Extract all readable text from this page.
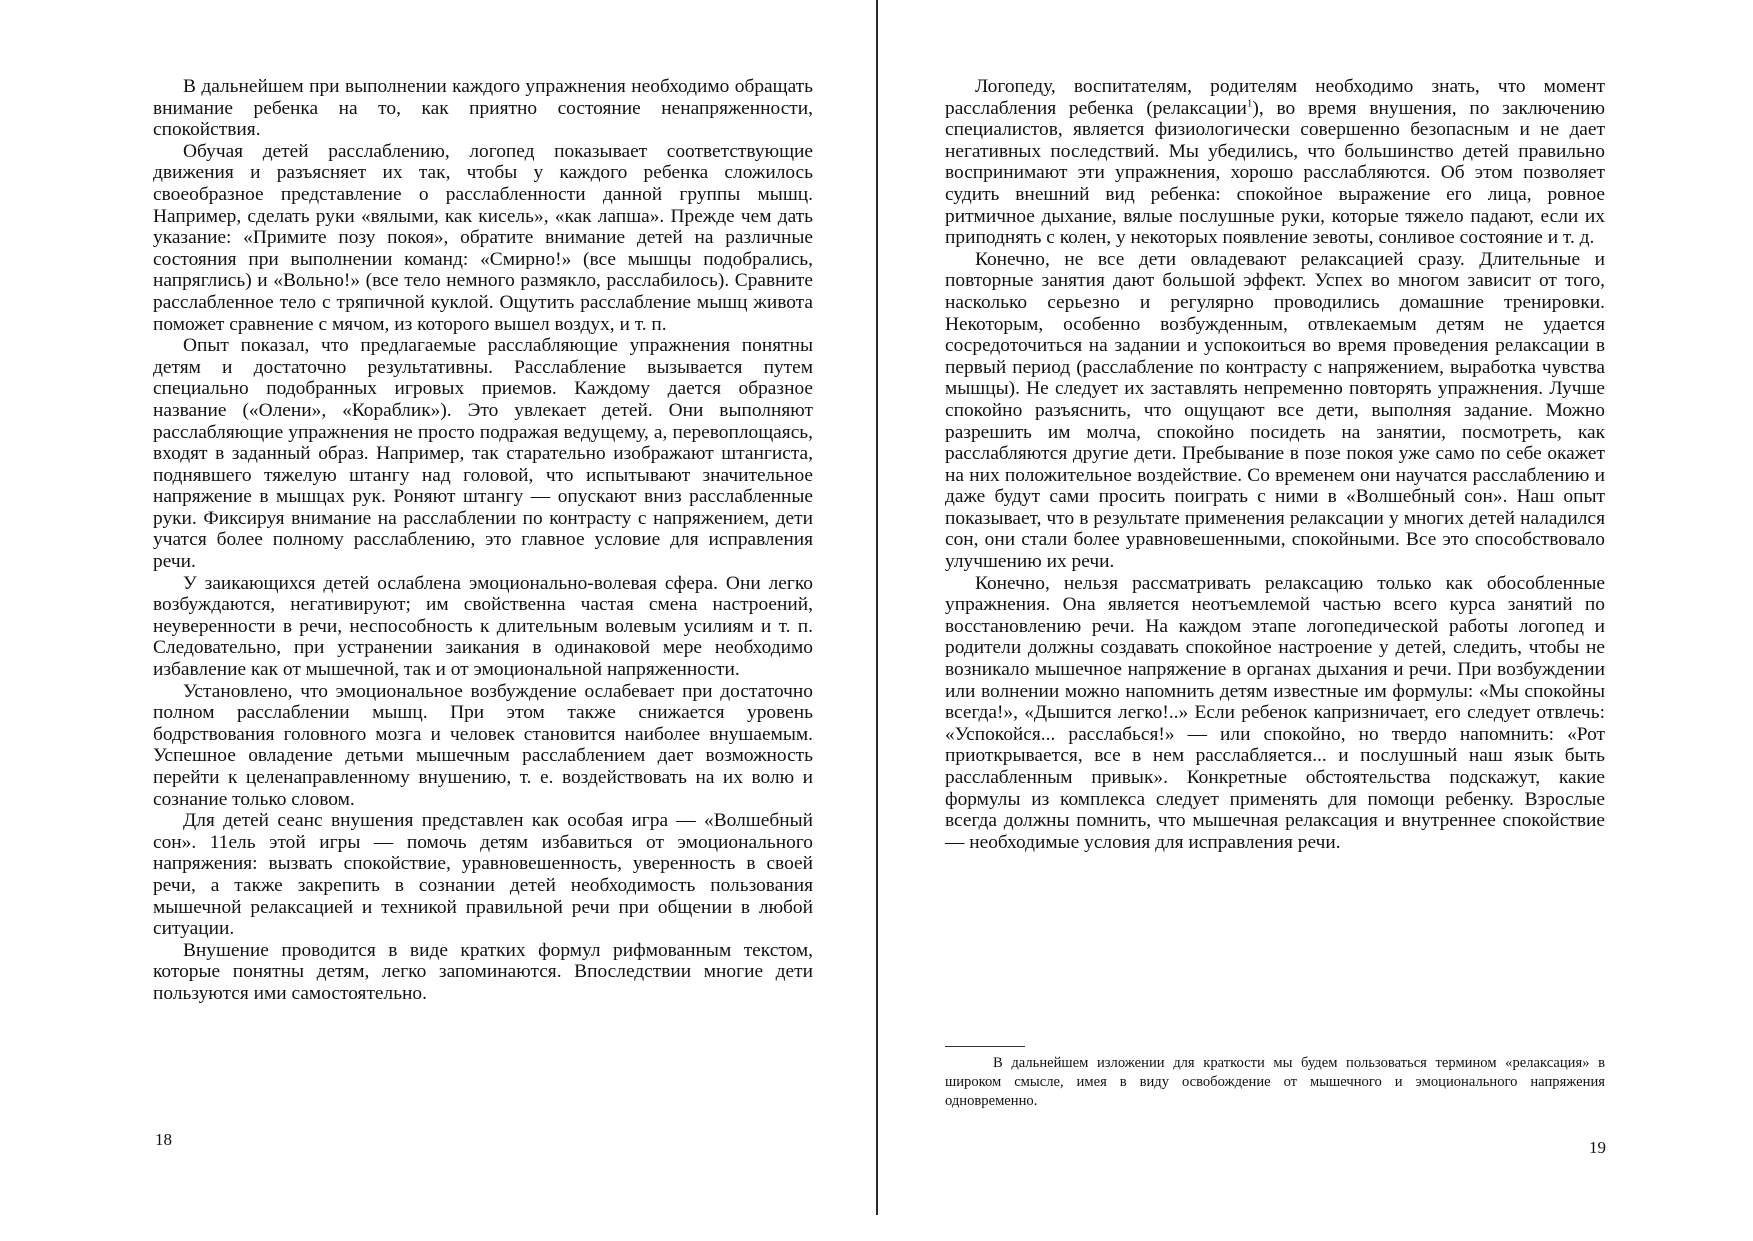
В дальнейшем при выполнении каждого упражнения необходимо обращать внимание ребенка на то, как приятно состояние ненапряженности, спокойствия.

Обучая детей расслаблению, логопед показывает соответствующие движения и разъясняет их так, чтобы у каждого ребенка сложилось своеобразное представление о расслабленности данной группы мышц. Например, сделать руки «вялыми, как кисель», «как лапша». Прежде чем дать указание: «Примите позу покоя», обратите внимание детей на различные состояния при выполнении команд: «Смирно!» (все мышцы подобрались, напряглись) и «Вольно!» (все тело немного размякло, расслабилось). Сравните расслабленное тело с тряпичной куклой. Ощутить расслабление мышц живота поможет сравнение с мячом, из которого вышел воздух, и т. п.

Опыт показал, что предлагаемые расслабляющие упражнения понятны детям и достаточно результативны. Расслабление вызывается путем специально подобранных игровых приемов. Каждому дается образное название («Олени», «Кораблик»). Это увлекает детей. Они выполняют расслабляющие упражнения не просто подражая ведущему, а, перевоплощаясь, входят в заданный образ. Например, так старательно изображают штангиста, поднявшего тяжелую штангу над головой, что испытывают значительное напряжение в мышцах рук. Роняют штангу — опускают вниз расслабленные руки. Фиксируя внимание на расслаблении по контрасту с напряжением, дети учатся более полному расслаблению, это главное условие для исправления речи.

У заикающихся детей ослаблена эмоционально-волевая сфера. Они легко возбуждаются, негативируют; им свойственна частая смена настроений, неуверенности в речи, неспособность к длительным волевым усилиям и т. п. Следовательно, при устранении заикания в одинаковой мере необходимо избавление как от мышечной, так и от эмоциональной напряженности.

Установлено, что эмоциональное возбуждение ослабевает при достаточно полном расслаблении мышц. При этом также снижается уровень бодрствования головного мозга и человек становится наиболее внушаемым. Успешное овладение детьми мышечным расслаблением дает возможность перейти к целенаправленному внушению, т. е. воздействовать на их волю и сознание только словом.

Для детей сеанс внушения представлен как особая игра — «Волшебный сон». 11ель этой игры — помочь детям избавиться от эмоционального напряжения: вызвать спокойствие, уравновешенность, уверенность в своей речи, а также закрепить в сознании детей необходимость пользования мышечной релаксацией и техникой правильной речи при общении в любой ситуации.

Внушение проводится в виде кратких формул рифмованным текстом, которые понятны детям, легко запоминаются. Впоследствии многие дети пользуются ими самостоятельно.

18

Логопеду, воспитателям, родителям необходимо знать, что момент расслабления ребенка (релаксации$^1$), во время внушения, по заключению специалистов, является физиологически совершенно безопасным и не дает негативных последствий. Мы убедились, что большинство детей правильно воспринимают эти упражнения, хорошо расслабляются. Об этом позволяет судить внешний вид ребенка: спокойное выражение его лица, ровное ритмичное дыхание, вялые послушные руки, которые тяжело падают, если их приподнять с колен, у некоторых появление зевоты, сонливое состояние и т. д.

Конечно, не все дети овладевают релаксацией сразу. Длительные и повторные занятия дают большой эффект. Успех во многом зависит от того, насколько серьезно и регулярно проводились домашние тренировки. Некоторым, особенно возбужденным, отвлекаемым детям не удается сосредоточиться на задании и успокоиться во время проведения релаксации в первый период (расслабление по контрасту с напряжением, выработка чувства мышцы). Не следует их заставлять непременно повторять упражнения. Лучше спокойно разъяснить, что ощущают все дети, выполняя задание. Можно разрешить им молча, спокойно посидеть на занятии, посмотреть, как расслабляются другие дети. Пребывание в позе покоя уже само по себе окажет на них положительное воздействие. Со временем они научатся расслаблению и даже будут сами просить поиграть с ними в «Волшебный сон». Наш опыт показывает, что в результате применения релаксации у многих детей наладился сон, они стали более уравновешенными, спокойными. Все это способствовало улучшению их речи.

Конечно, нельзя рассматривать релаксацию только как обособленные упражнения. Она является неотъемлемой частью всего курса занятий по восстановлению речи. На каждом этапе логопедической работы логопед и родители должны создавать спокойное настроение у детей, следить, чтобы не возникало мышечное напряжение в органах дыхания и речи. При возбуждении или волнении можно напомнить детям известные им формулы: «Мы спокойны всегда!», «Дышится легко!..» Если ребенок капризничает, его следует отвлечь: «Успокойся... расслабься!» — или спокойно, но твердо напомнить: «Рот приоткрывается, все в нем расслабляется... и послушный наш язык быть расслабленным привык». Конкретные обстоятельства подскажут, какие формулы из комплекса следует применять для помощи ребенку. Взрослые всегда должны помнить, что мышечная релаксация и внутреннее спокойствие — необходимые условия для исправления речи.

В дальнейшем изложении для краткости мы будем пользоваться термином «релаксация» в широком смысле, имея в виду освобождение от мышечного и эмоционального напряжения одновременно.

19
